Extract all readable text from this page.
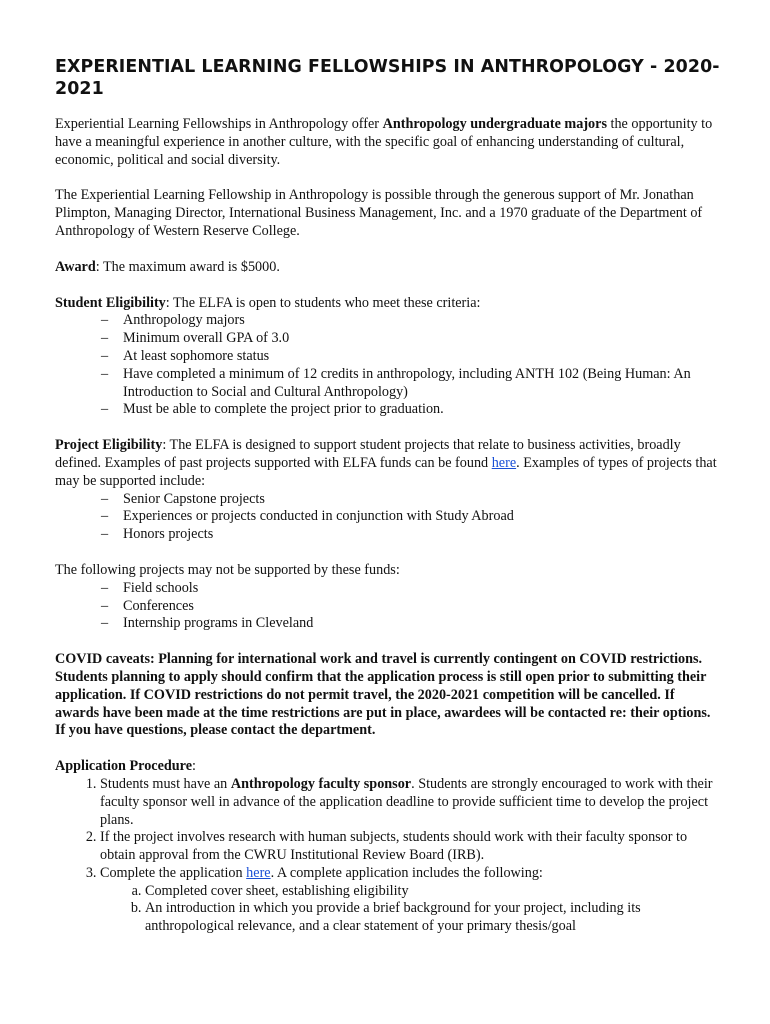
EXPERIENTIAL LEARNING FELLOWSHIPS IN ANTHROPOLOGY - 2020-2021

Experiential Learning Fellowships in Anthropology offer Anthropology undergraduate majors the opportunity to have a meaningful experience in another culture, with the specific goal of enhancing understanding of cultural, economic, political and social diversity.

The Experiential Learning Fellowship in Anthropology is possible through the generous support of Mr. Jonathan Plimpton, Managing Director, International Business Management, Inc. and a 1970 graduate of the Department of Anthropology of Western Reserve College.

Award: The maximum award is $5000.

Student Eligibility: The ELFA is open to students who meet these criteria:

– Anthropology majors
– Minimum overall GPA of 3.0
– At least sophomore status
– Have completed a minimum of 12 credits in anthropology, including ANTH 102 (Being Human: An Introduction to Social and Cultural Anthropology)
– Must be able to complete the project prior to graduation.

Project Eligibility: The ELFA is designed to support student projects that relate to business activities, broadly defined. Examples of past projects supported with ELFA funds can be found here. Examples of types of projects that may be supported include:

– Senior Capstone projects
– Experiences or projects conducted in conjunction with Study Abroad
– Honors projects

The following projects may not be supported by these funds:

– Field schools
– Conferences
– Internship programs in Cleveland

COVID caveats: Planning for international work and travel is currently contingent on COVID restrictions. Students planning to apply should confirm that the application process is still open prior to submitting their application. If COVID restrictions do not permit travel, the 2020-2021 competition will be cancelled. If awards have been made at the time restrictions are put in place, awardees will be contacted re: their options. If you have questions, please contact the department.

Application Procedure:

1. Students must have an Anthropology faculty sponsor. Students are strongly encouraged to work with their faculty sponsor well in advance of the application deadline to provide sufficient time to develop the project plans.
2. If the project involves research with human subjects, students should work with their faculty sponsor to obtain approval from the CWRU Institutional Review Board (IRB).
3. Complete the application here. A complete application includes the following:
a. Completed cover sheet, establishing eligibility
b. An introduction in which you provide a brief background for your project, including its anthropological relevance, and a clear statement of your primary thesis/goal
